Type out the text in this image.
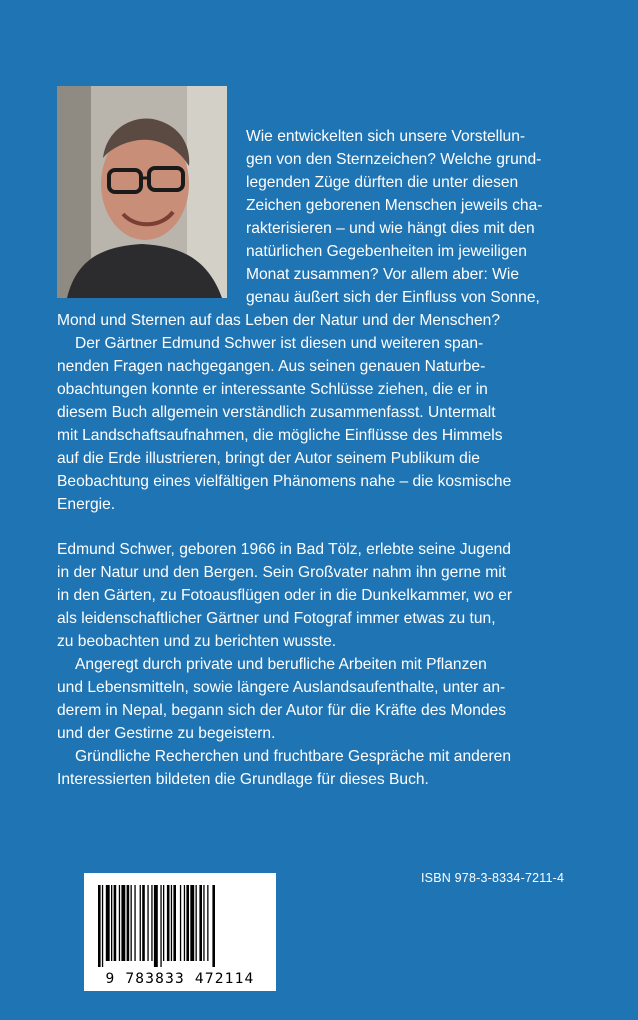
Wie entwickelten sich unsere Vorstellun-
gen von den Sternzeichen? Welche grund-
legenden Züge dürften die unter diesen
Zeichen geborenen Menschen jeweils cha-
rakterisieren – und wie hängt dies mit den
natürlichen Gegebenheiten im jeweiligen
Monat zusammen? Vor allem aber: Wie
genau äußert sich der Einfluss von Sonne,

Mond und Sternen auf das Leben der Natur und der Menschen?

Der Gärtner Edmund Schwer ist diesen und weiteren span-
nenden Fragen nachgegangen. Aus seinen genauen Naturbe-
obachtungen konnte er interessante Schlüsse ziehen, die er in
diesem Buch allgemein verständlich zusammenfasst. Untermalt
mit Landschaftsaufnahmen, die mögliche Einflüsse des Himmels
auf die Erde illustrieren, bringt der Autor seinem Publikum die
Beobachtung eines vielfältigen Phänomens nahe – die kosmische
Energie.

Edmund Schwer, geboren 1966 in Bad Tölz, erlebte seine Jugend
in der Natur und den Bergen. Sein Großvater nahm ihn gerne mit
in den Gärten, zu Fotoausflügen oder in die Dunkelkammer, wo er
als leidenschaftlicher Gärtner und Fotograf immer etwas zu tun,
zu beobachten und zu berichten wusste.

Angeregt durch private und berufliche Arbeiten mit Pflanzen
und Lebensmitteln, sowie längere Auslandsaufenthalte, unter an-
derem in Nepal, begann sich der Autor für die Kräfte des Mondes
und der Gestirne zu begeistern.

Gründliche Recherchen und fruchtbare Gespräche mit anderen
Interessierten bildeten die Grundlage für dieses Buch.

ISBN 978-3-8334-7211-4
9 783833 472114
